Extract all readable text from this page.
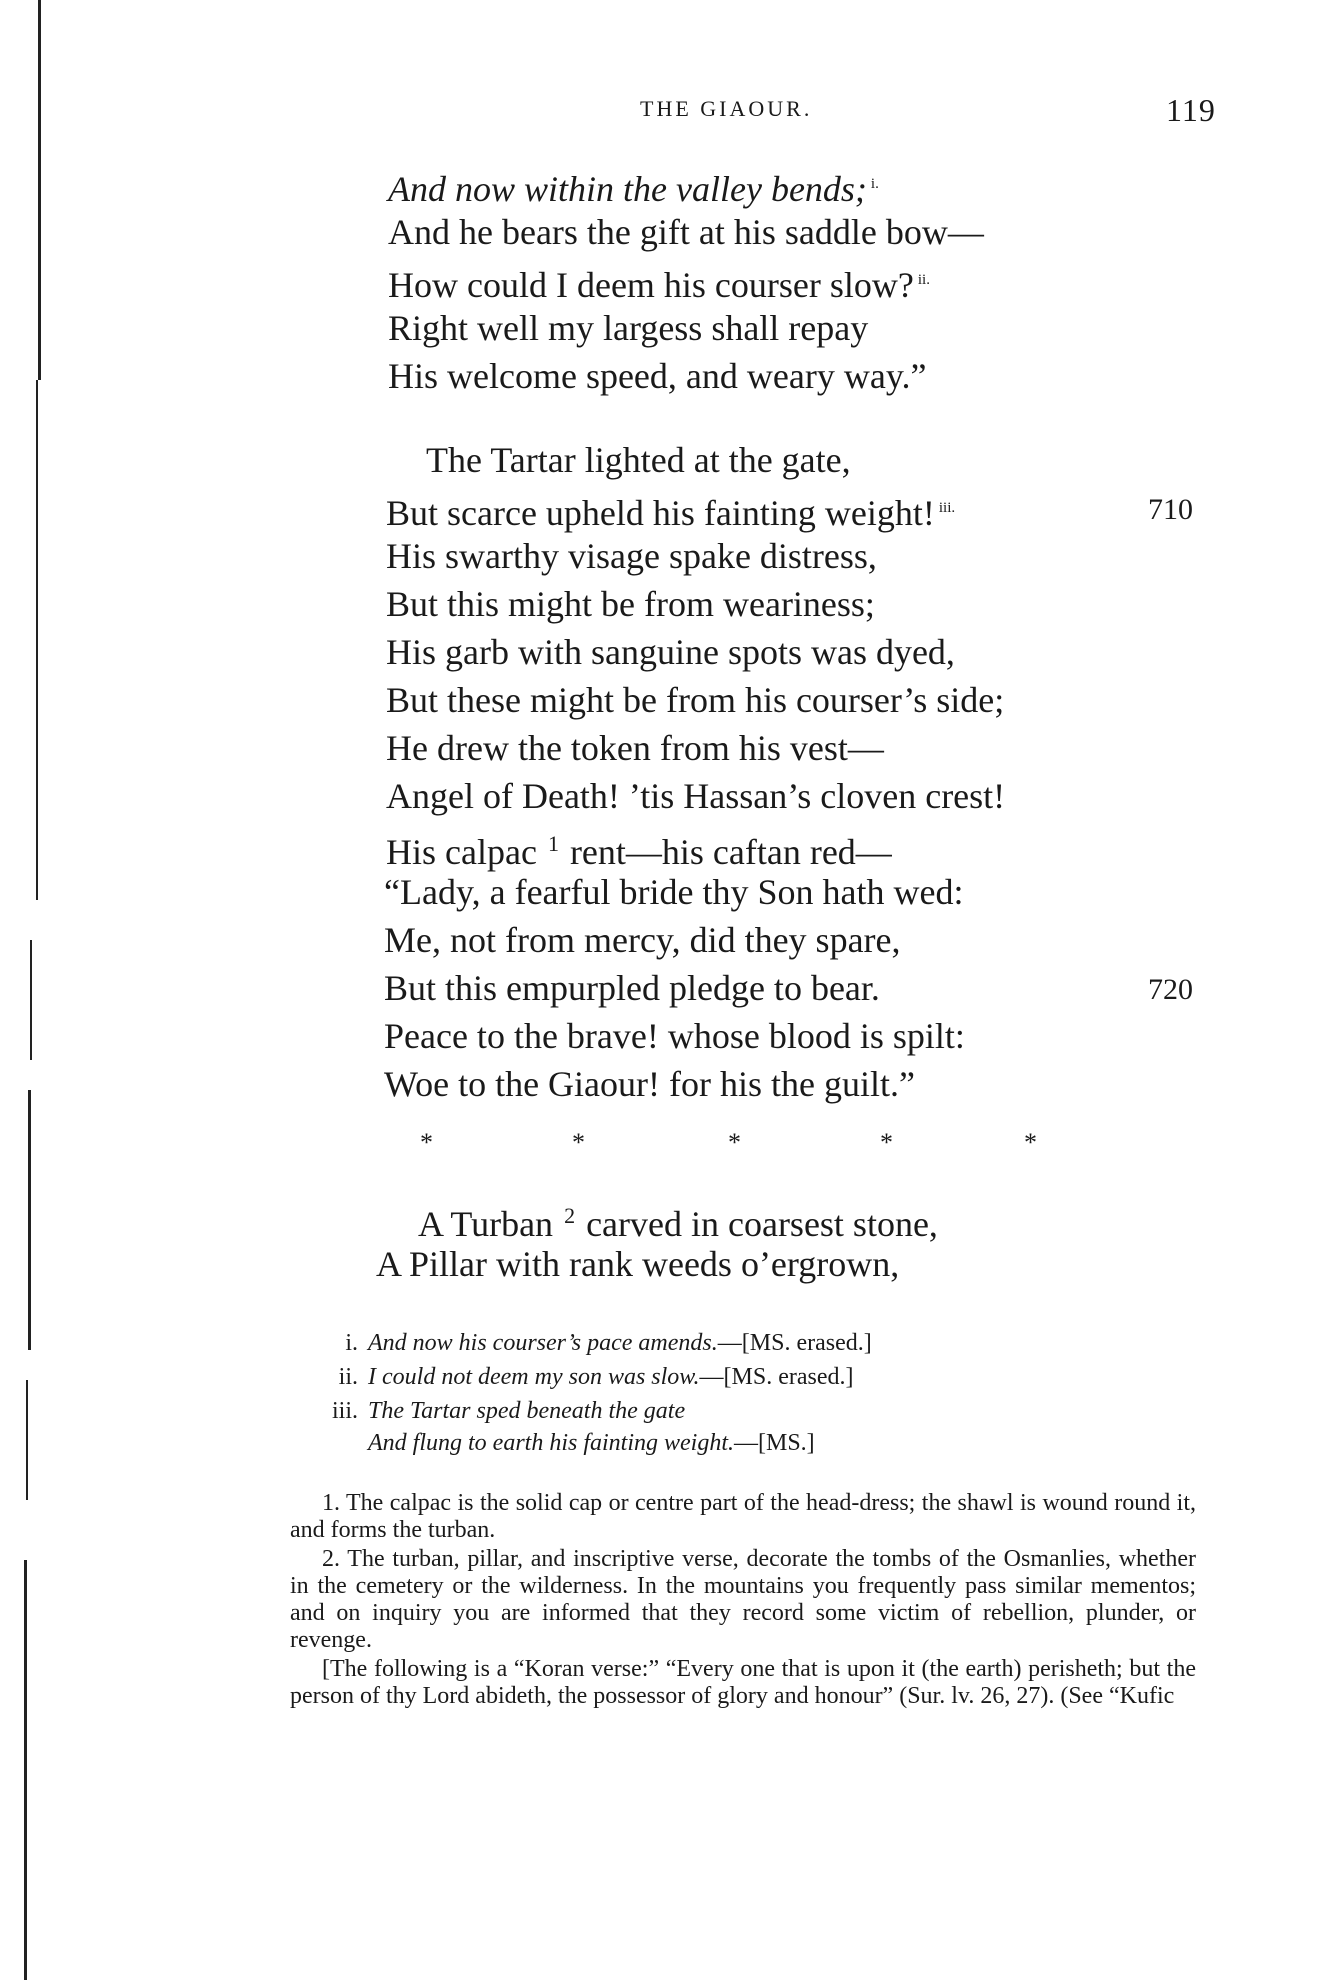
THE GIAOUR.	119
And now within the valley bends; $^{i.}$
And he bears the gift at his saddle bow—
How could I deem his courser slow? $^{ii.}$
Right well my largess shall repay
His welcome speed, and weary way.”
The Tartar lighted at the gate,
But scarce upheld his fainting weight! $^{iii.}$	710
His swarthy visage spake distress,
But this might be from weariness;
His garb with sanguine spots was dyed,
But these might be from his courser’s side;
He drew the token from his vest—
Angel of Death! ’tis Hassan’s cloven crest!
His calpac $^1$ rent—his caftan red—
“Lady, a fearful bride thy Son hath wed:
Me, not from mercy, did they spare,
But this empurpled pledge to bear.	720
Peace to the brave! whose blood is spilt:
Woe to the Giaour! for his the guilt.”
A Turban $^2$ carved in coarsest stone,
A Pillar with rank weeds o’ergrown,
*	*	*	*	*
i. And now his courser’s pace amends.—[MS. erased.]
ii. I could not deem my son was slow.—[MS. erased.]
iii. The Tartar sped beneath the gate
And flung to earth his fainting weight.—[MS.]

1. The calpac is the solid cap or centre part of the head-dress; the shawl is wound round it, and forms the turban.

2. The turban, pillar, and inscriptive verse, decorate the tombs of the Osmanlies, whether in the cemetery or the wilderness. In the mountains you frequently pass similar mementos; and on inquiry you are informed that they record some victim of rebellion, plunder, or revenge.

[The following is a “Koran verse:” “Every one that is upon it (the earth) perisheth; but the person of thy Lord abideth, the possessor of glory and honour” (Sur. lv. 26, 27). (See “Kufic
